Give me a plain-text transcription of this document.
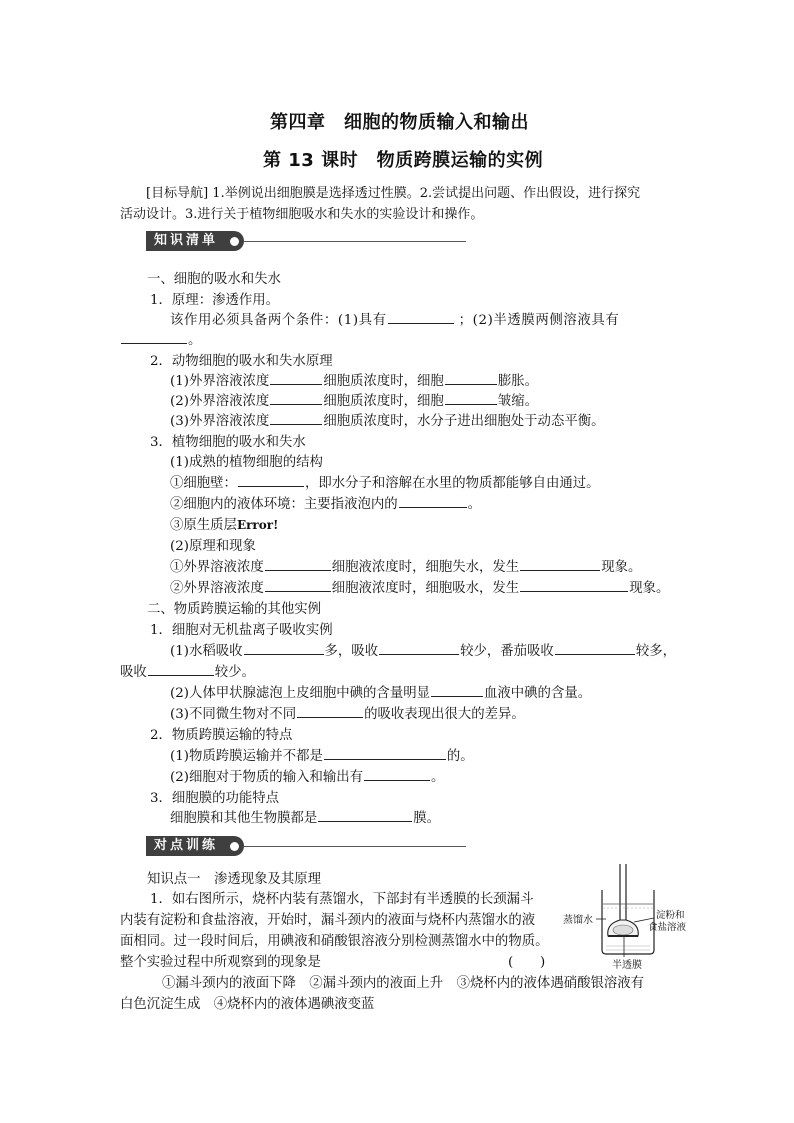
第四章　细胞的物质输入和输出
第 13 课时　物质跨膜运输的实例
[目标导航] 1.举例说出细胞膜是选择透过性膜。2.尝试提出问题、作出假设，进行探究
活动设计。3.进行关于植物细胞吸水和失水的实验设计和操作。
知识清单
一、细胞的吸水和失水
1．原理：渗透作用。
该作用必须具备两个条件：(1)具有	；(2)半透膜两侧溶液具有
。
2．动物细胞的吸水和失水原理
(1)外界溶液浓度	细胞质浓度时，细胞	膨胀。
(2)外界溶液浓度	细胞质浓度时，细胞	皱缩。
(3)外界溶液浓度	细胞质浓度时，水分子进出细胞处于动态平衡。
3．植物细胞的吸水和失水
(1)成熟的植物细胞的结构
①细胞壁：	，即水分子和溶解在水里的物质都能够自由通过。
②细胞内的液体环境：主要指液泡内的	。
③原生质层Error!
(2)原理和现象
①外界溶液浓度	细胞液浓度时，细胞失水，发生	现象。
②外界溶液浓度	细胞液浓度时，细胞吸水，发生	现象。
二、物质跨膜运输的其他实例
1．细胞对无机盐离子吸收实例
(1)水稻吸收	多，吸收	较少，番茄吸收	较多，
吸收	较少。
(2)人体甲状腺滤泡上皮细胞中碘的含量明显	血液中碘的含量。
(3)不同微生物对不同	的吸收表现出很大的差异。
2．物质跨膜运输的特点
(1)物质跨膜运输并不都是	的。
(2)细胞对于物质的输入和输出有	。
3．细胞膜的功能特点
细胞膜和其他生物膜都是	膜。
对点训练
知识点一　渗透现象及其原理
1．如右图所示，烧杯内装有蒸馏水，下部封有半透膜的长颈漏斗
内装有淀粉和食盐溶液，开始时，漏斗颈内的液面与烧杯内蒸馏水的液
面相同。过一段时间后，用碘液和硝酸银溶液分别检测蒸馏水中的物质。
整个实验过程中所观察到的现象是	(　　)
①漏斗颈内的液面下降　②漏斗颈内的液面上升　③烧杯内的液体遇硝酸银溶液有
白色沉淀生成　④烧杯内的液体遇碘液变蓝
蒸馏水	淀粉和
食盐溶液
半透膜
